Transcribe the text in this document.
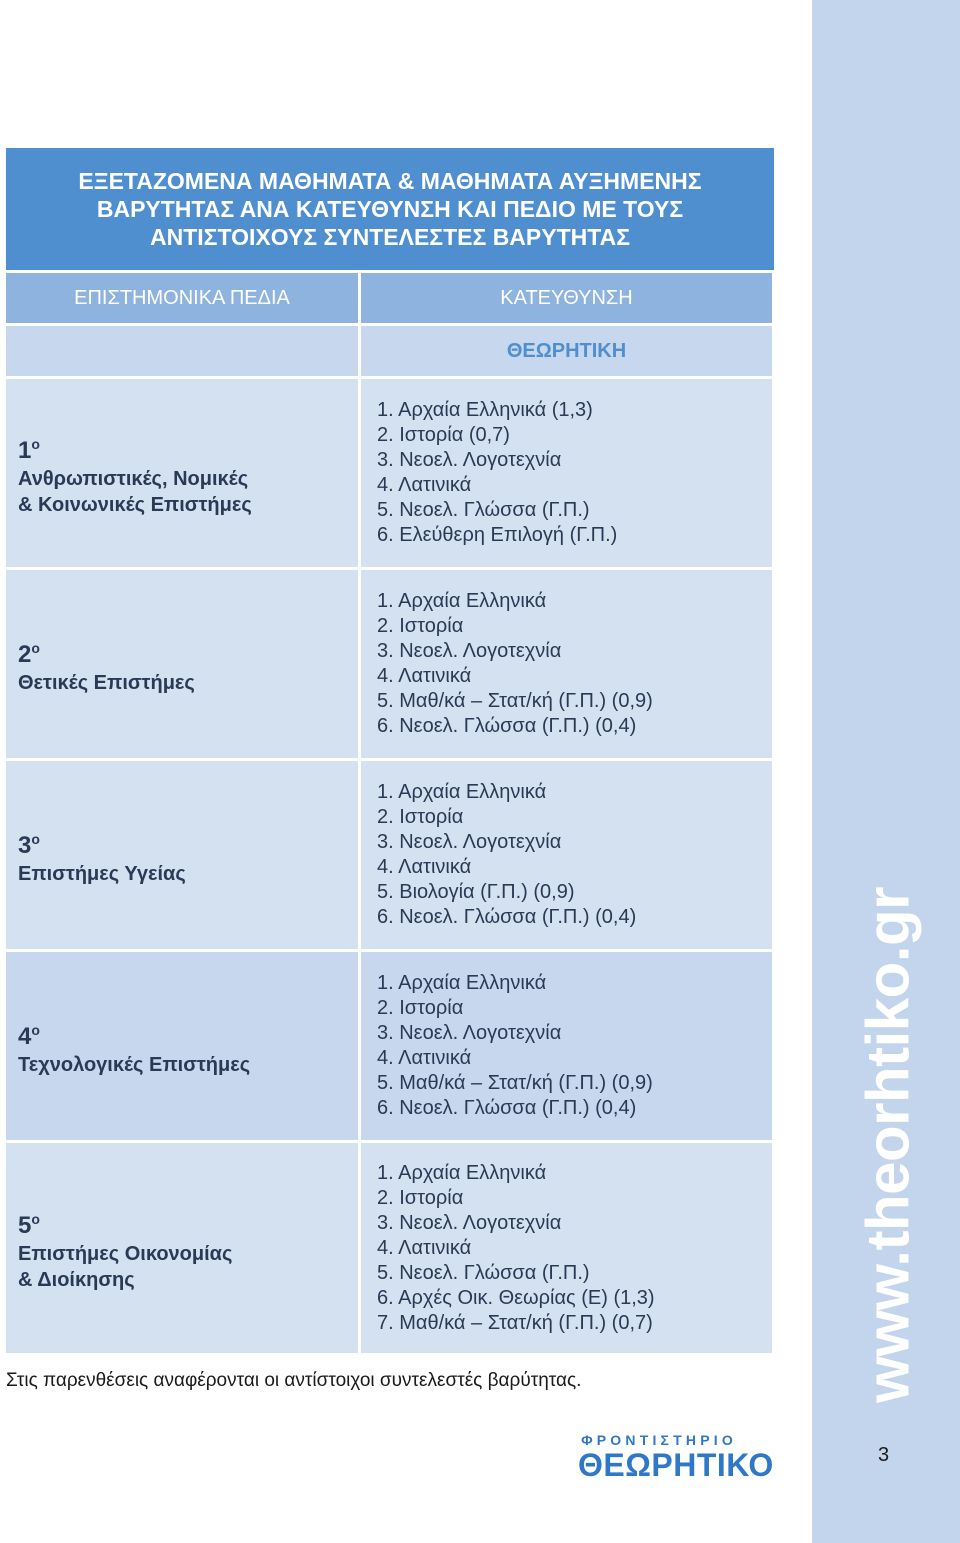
www.theorhtiko.gr
3
ΕΞΕΤΑΖΟΜΕΝΑ ΜΑΘΗΜΑΤΑ & ΜΑΘΗΜΑΤΑ ΑΥΞΗΜΕΝΗΣ
ΒΑΡΥΤΗΤΑΣ ΑΝΑ ΚΑΤΕΥΘΥΝΣΗ ΚΑΙ ΠΕΔΙΟ ΜΕ ΤΟΥΣ
ΑΝΤΙΣΤΟΙΧΟΥΣ ΣΥΝΤΕΛΕΣΤΕΣ ΒΑΡΥΤΗΤΑΣ
ΕΠΙΣΤΗΜΟΝΙΚΑ ΠΕΔΙΑ	ΚΑΤΕΥΘΥΝΣΗ
ΘΕΩΡΗΤΙΚΗ
$1^o$
Ανθρωπιστικές, Νομικές
& Κοινωνικές Επιστήμες
1. Αρχαία Ελληνικά (1,3)
2. Ιστορία (0,7)
3. Νεοελ. Λογοτεχνία
4. Λατινικά
5. Νεοελ. Γλώσσα (Γ.Π.)
6. Ελεύθερη Επιλογή (Γ.Π.)
$2^o$
Θετικές Επιστήμες
1. Αρχαία Ελληνικά
2. Ιστορία
3. Νεοελ. Λογοτεχνία
4. Λατινικά
5. Μαθ/κά – Στατ/κή (Γ.Π.) (0,9)
6. Νεοελ. Γλώσσα (Γ.Π.) (0,4)
$3^o$
Επιστήμες Υγείας
1. Αρχαία Ελληνικά
2. Ιστορία
3. Νεοελ. Λογοτεχνία
4. Λατινικά
5. Βιολογία (Γ.Π.) (0,9)
6. Νεοελ. Γλώσσα (Γ.Π.) (0,4)
$4^o$
Τεχνολογικές Επιστήμες
1. Αρχαία Ελληνικά
2. Ιστορία
3. Νεοελ. Λογοτεχνία
4. Λατινικά
5. Μαθ/κά – Στατ/κή (Γ.Π.) (0,9)
6. Νεοελ. Γλώσσα (Γ.Π.) (0,4)
$5^o$
Επιστήμες Οικονομίας
& Διοίκησης
1. Αρχαία Ελληνικά
2. Ιστορία
3. Νεοελ. Λογοτεχνία
4. Λατινικά
5. Νεοελ. Γλώσσα (Γ.Π.)
6. Αρχές Οικ. Θεωρίας (Ε) (1,3)
7. Μαθ/κά – Στατ/κή (Γ.Π.) (0,7)
Στις παρενθέσεις αναφέρονται οι αντίστοιχοι συντελεστές βαρύτητας.
ΦΡΟΝΤΙΣΤΗΡΙΟ
ΘΕΩΡΗΤΙΚΟ
